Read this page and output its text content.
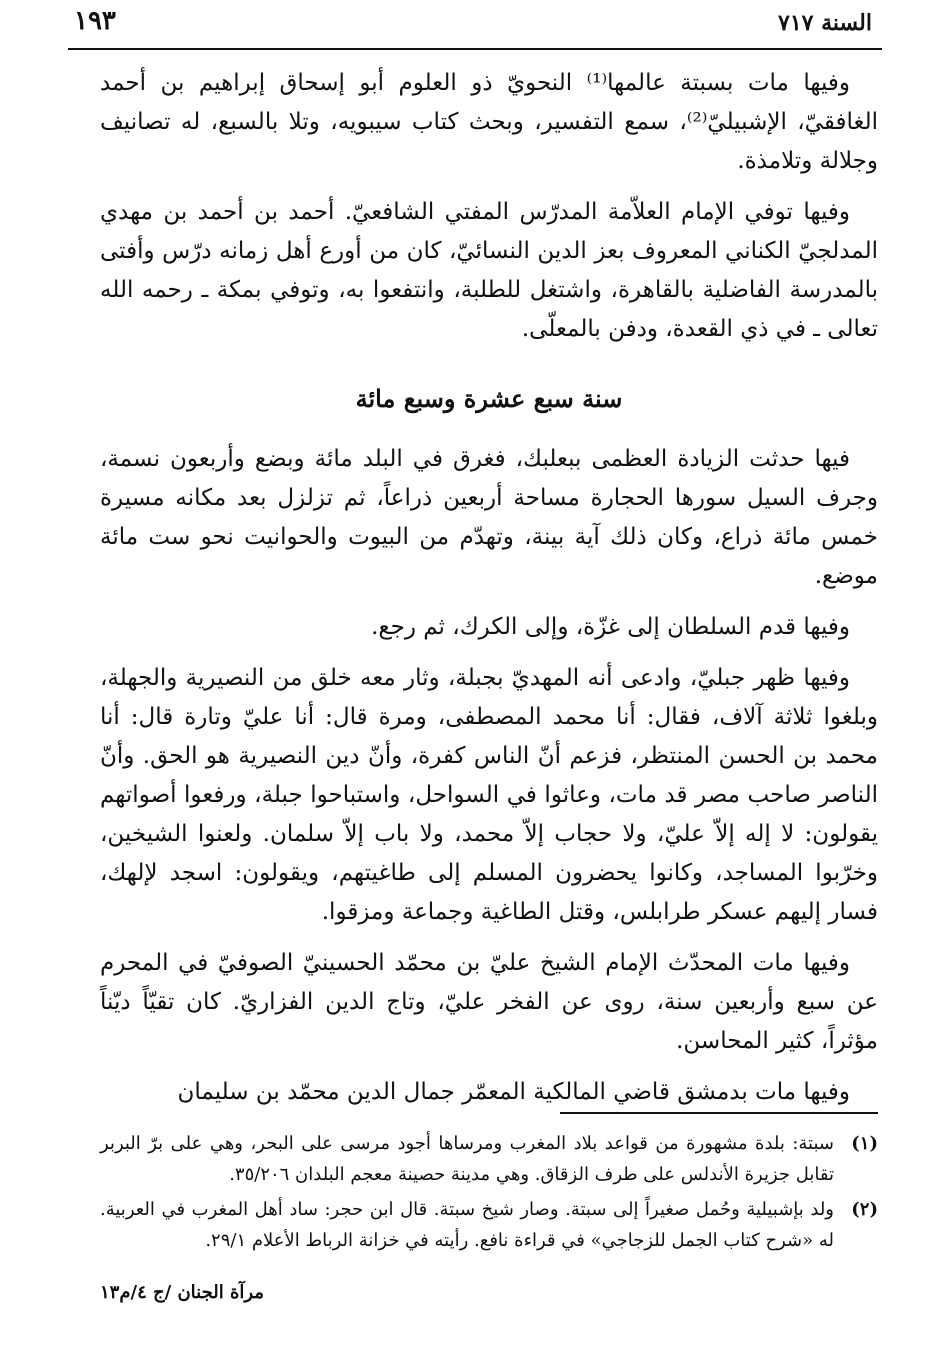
السنة ٧١٧
١٩٣

وفيها مات بسبتة عالمها⁽¹⁾ النحويّ ذو العلوم أبو إسحاق إبراهيم بن أحمد الغافقيّ، الإشبيليّ⁽²⁾، سمع التفسير، وبحث كتاب سيبويه، وتلا بالسبع، له تصانيف وجلالة وتلامذة.

وفيها توفي الإمام العلاّمة المدرّس المفتي الشافعيّ. أحمد بن أحمد بن مهدي المدلجيّ الكناني المعروف بعز الدين النسائيّ، كان من أورع أهل زمانه درّس وأفتى بالمدرسة الفاضلية بالقاهرة، واشتغل للطلبة، وانتفعوا به، وتوفي بمكة ـ رحمه الله تعالى ـ في ذي القعدة، ودفن بالمعلّى.

سنة سبع عشرة وسبع مائة

فيها حدثت الزيادة العظمى ببعلبك، فغرق في البلد مائة وبضع وأربعون نسمة، وجرف السيل سورها الحجارة مساحة أربعين ذراعاً، ثم تزلزل بعد مكانه مسيرة خمس مائة ذراع، وكان ذلك آية بينة، وتهدّم من البيوت والحوانيت نحو ست مائة موضع.

وفيها قدم السلطان إلى غزّة، وإلى الكرك، ثم رجع.

وفيها ظهر جبليّ، وادعى أنه المهديّ بجبلة، وثار معه خلق من النصيرية والجهلة، وبلغوا ثلاثة آلاف، فقال: أنا محمد المصطفى، ومرة قال: أنا عليّ وتارة قال: أنا محمد بن الحسن المنتظر، فزعم أنّ الناس كفرة، وأنّ دين النصيرية هو الحق. وأنّ الناصر صاحب مصر قد مات، وعاثوا في السواحل، واستباحوا جبلة، ورفعوا أصواتهم يقولون: لا إله إلاّ عليّ، ولا حجاب إلاّ محمد، ولا باب إلاّ سلمان. ولعنوا الشيخين، وخرّبوا المساجد، وكانوا يحضرون المسلم إلى طاغيتهم، ويقولون: اسجد لإلهك، فسار إليهم عسكر طرابلس، وقتل الطاغية وجماعة ومزقوا.

وفيها مات المحدّث الإمام الشيخ عليّ بن محمّد الحسينيّ الصوفيّ في المحرم عن سبع وأربعين سنة، روى عن الفخر عليّ، وتاج الدين الفزاريّ. كان تقيّاً ديّناً مؤثراً، كثير المحاسن.

وفيها مات بدمشق قاضي المالكية المعمّر جمال الدين محمّد بن سليمان

(١)
سبتة: بلدة مشهورة من قواعد بلاد المغرب ومرساها أجود مرسى على البحر، وهي على برّ البربر تقابل جزيرة الأندلس على طرف الزقاق. وهي مدينة حصينة معجم البلدان ٣٥/٢٠٦.
(٢)
ولد بإشبيلية وحُمل صغيراً إلى سبتة. وصار شيخ سبتة. قال ابن حجر: ساد أهل المغرب في العربية. له «شرح كتاب الجمل للزجاجي» في قراءة نافع. رأيته في خزانة الرباط الأعلام ٢٩/١.
مرآة الجنان /ج ٤/م١٣
